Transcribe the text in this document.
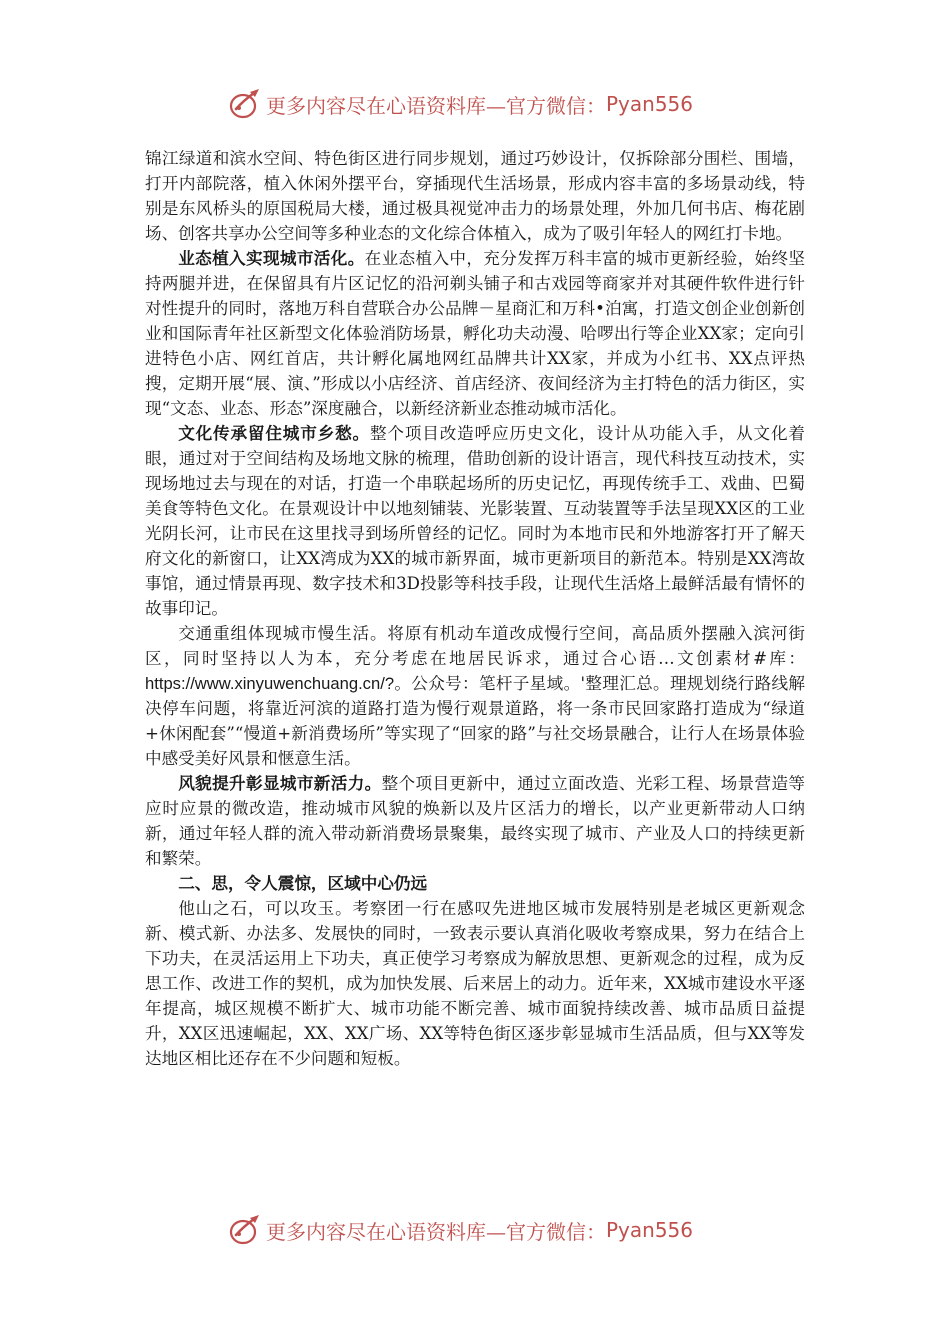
更多内容尽在心语资料库—官方微信： Pyan556

锦江绿道和滨水空间、特色街区进行同步规划，通过巧妙设计，仅拆除部分围栏、围墙，打开内部院落，植入休闲外摆平台，穿插现代生活场景，形成内容丰富的多场景动线，特别是东风桥头的原国税局大楼，通过极具视觉冲击力的场景处理，外加几何书店、梅花剧场、创客共享办公空间等多种业态的文化综合体植入，成为了吸引年轻人的网红打卡地。

业态植入实现城市活化。在业态植入中，充分发挥万科丰富的城市更新经验，始终坚持两腿并进，在保留具有片区记忆的沿河剃头铺子和古戏园等商家并对其硬件软件进行针对性提升的同时，落地万科自营联合办公品牌－星商汇和万科•泊寓，打造文创企业创新创业和国际青年社区新型文化体验消防场景，孵化功夫动漫、哈啰出行等企业XX家；定向引进特色小店、网红首店，共计孵化属地网红品牌共计XX家，并成为小红书、XX点评热搜，定期开展“展、演、”形成以小店经济、首店经济、夜间经济为主打特色的活力街区，实现“文态、业态、形态”深度融合，以新经济新业态推动城市活化。

文化传承留住城市乡愁。整个项目改造呼应历史文化，设计从功能入手，从文化着眼，通过对于空间结构及场地文脉的梳理，借助创新的设计语言，现代科技互动技术，实现场地过去与现在的对话，打造一个串联起场所的历史记忆，再现传统手工、戏曲、巴蜀美食等特色文化。在景观设计中以地刻铺装、光影装置、互动装置等手法呈现XX区的工业光阴长河，让市民在这里找寻到场所曾经的记忆。同时为本地市民和外地游客打开了解天府文化的新窗口，让XX湾成为XX的城市新界面，城市更新项目的新范本。特别是XX湾故事馆，通过情景再现、数字技术和3D投影等科技手段，让现代生活烙上最鲜活最有情怀的故事印记。

交通重组体现城市慢生活。将原有机动车道改成慢行空间，高品质外摆融入滨河街区，同时坚持以人为本，充分考虑在地居民诉求，通过合心语…文创素材#库：https://www.xinyuwenchuang.cn/?。公众号：笔杆子星域。'整理汇总。理规划绕行路线解决停车问题，将靠近河滨的道路打造为慢行观景道路，将一条市民回家路打造成为“绿道+休闲配套”“慢道+新消费场所”等实现了“回家的路”与社交场景融合，让行人在场景体验中感受美好风景和惬意生活。

风貌提升彰显城市新活力。整个项目更新中，通过立面改造、光彩工程、场景营造等应时应景的微改造，推动城市风貌的焕新以及片区活力的增长，以产业更新带动人口纳新，通过年轻人群的流入带动新消费场景聚集，最终实现了城市、产业及人口的持续更新和繁荣。

二、思，令人震惊，区域中心仍远

他山之石，可以攻玉。考察团一行在感叹先进地区城市发展特别是老城区更新观念新、模式新、办法多、发展快的同时，一致表示要认真消化吸收考察成果，努力在结合上下功夫，在灵活运用上下功夫，真正使学习考察成为解放思想、更新观念的过程，成为反思工作、改进工作的契机，成为加快发展、后来居上的动力。近年来，XX城市建设水平逐年提高，城区规模不断扩大、城市功能不断完善、城市面貌持续改善、城市品质日益提升，XX区迅速崛起，XX、XX广场、XX等特色街区逐步彰显城市生活品质，但与XX等发达地区相比还存在不少问题和短板。

更多内容尽在心语资料库—官方微信： Pyan556
